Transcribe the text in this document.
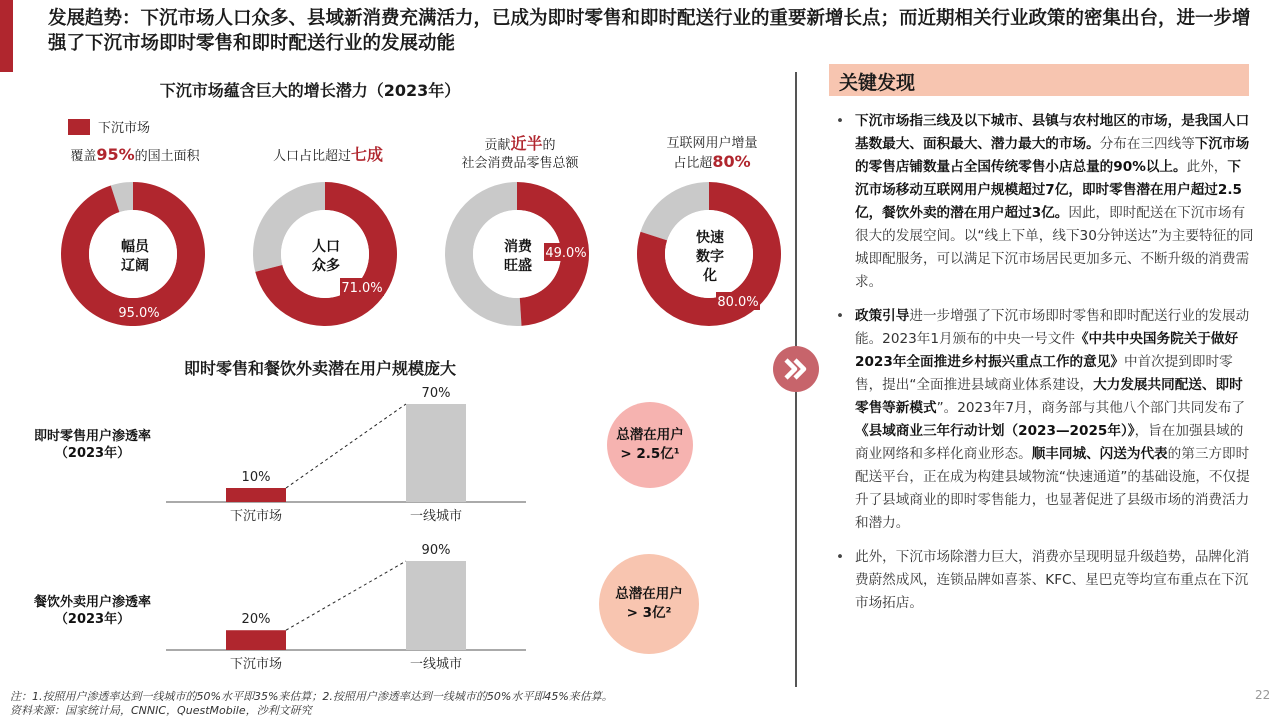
发展趋势：下沉市场人口众多、县域新消费充满活力，已成为即时零售和即时配送行业的重要新增长点；而近期相关行业政策的密集出台，进一步增强了下沉市场即时零售和即时配送行业的发展动能
下沉市场蕴含巨大的增长潜力（2023年）
下沉市场
覆盖95%的国土面积	人口占比超过七成	贡献近半的
社会消费品零售总额
互联网用户增量
占比超80%
95.0%
71.0%
49.0%
80.0%
幅员
辽阔
人口
众多
消费
旺盛
快速
数字
化
即时零售和餐饮外卖潜在用户规模庞大
即时零售用户渗透率
（2023年）
餐饮外卖用户渗透率
（2023年）
10%
下沉市场
70%
一线城市
20%
下沉市场
90%
一线城市
总潜在用户
> 2.5亿¹
总潜在用户
> 3亿²
关键发现
• 下沉市场指三线及以下城市、县镇与农村地区的市场，是我国人口基数最大、面积最大、潜力最大的市场。分布在三四线等下沉市场的零售店铺数量占全国传统零售小店总量的90%以上。此外，下沉市场移动互联网用户规模超过7亿，即时零售潜在用户超过2.5亿，餐饮外卖的潜在用户超过3亿。因此，即时配送在下沉市场有很大的发展空间。以“线上下单，线下30分钟送达”为主要特征的同城即配服务，可以满足下沉市场居民更加多元、不断升级的消费需求。
• 政策引导进一步增强了下沉市场即时零售和即时配送行业的发展动能。2023年1月颁布的中央一号文件《中共中央国务院关于做好2023年全面推进乡村振兴重点工作的意见》中首次提到即时零售，提出“全面推进县域商业体系建设，大力发展共同配送、即时零售等新模式”。2023年7月，商务部与其他八个部门共同发布了《县域商业三年行动计划（2023—2025年）》，旨在加强县域的商业网络和多样化商业形态。顺丰同城、闪送为代表的第三方即时配送平台，正在成为构建县域物流“快速通道”的基础设施，不仅提升了县域商业的即时零售能力，也显著促进了县级市场的消费活力和潜力。
• 此外，下沉市场除潜力巨大，消费亦呈现明显升级趋势，品牌化消费蔚然成风，连锁品牌如喜茶、KFC、星巴克等均宣布重点在下沉市场拓店。
注：1.按照用户渗透率达到一线城市的50%水平即35%来估算；2.按照用户渗透率达到一线城市的50%水平即45%来估算。
资料来源：国家统计局，CNNIC，QuestMobile，沙利文研究
22
